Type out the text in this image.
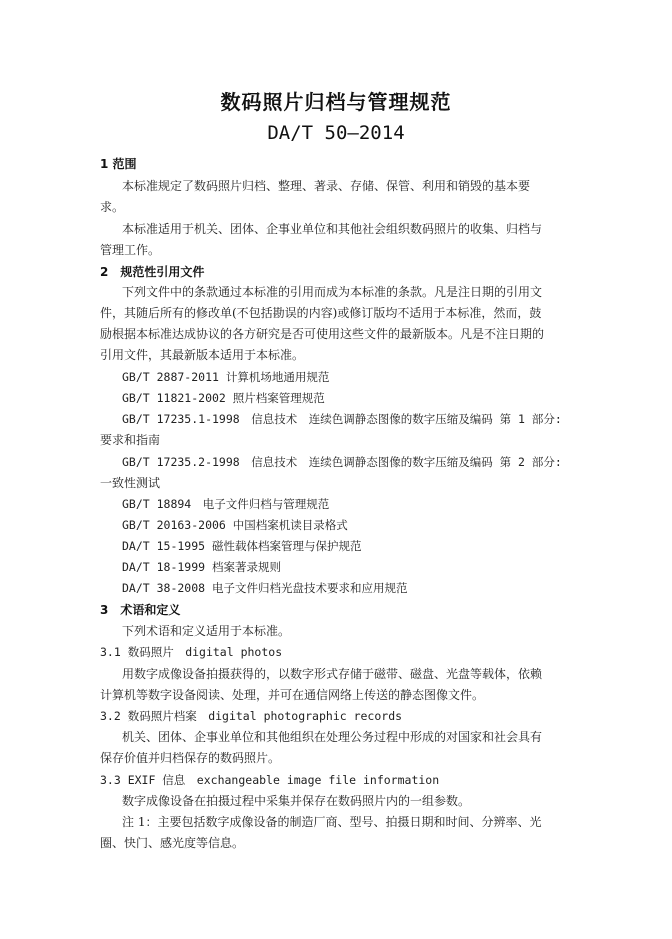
数码照片归档与管理规范
DA/T 50—2014
1 范围
本标准规定了数码照片归档、整理、著录、存储、保管、利用和销毁的基本要
求。
本标准适用于机关、团体、企事业单位和其他社会组织数码照片的收集、归档与
管理工作。
2　规范性引用文件
下列文件中的条款通过本标准的引用而成为本标准的条款。凡是注日期的引用文
件，其随后所有的修改单(不包括勘误的内容)或修订版均不适用于本标准，然而，鼓
励根据本标准达成协议的各方研究是否可使用这些文件的最新版本。凡是不注日期的
引用文件，其最新版本适用于本标准。
GB/T 2887-2011 计算机场地通用规范
GB/T 11821-2002 照片档案管理规范
GB/T 17235.1-1998　信息技术　连续色调静态图像的数字压缩及编码 第 1 部分:
要求和指南
GB/T 17235.2-1998　信息技术　连续色调静态图像的数字压缩及编码 第 2 部分:
一致性测试
GB/T 18894　电子文件归档与管理规范
GB/T 20163-2006 中国档案机读目录格式
DA/T 15-1995 磁性载体档案管理与保护规范
DA/T 18-1999 档案著录规则
DA/T 38-2008 电子文件归档光盘技术要求和应用规范
3　术语和定义
下列术语和定义适用于本标准。
3.1 数码照片　digital photos
用数字成像设备拍摄获得的，以数字形式存储于磁带、磁盘、光盘等载体，依赖
计算机等数字设备阅读、处理，并可在通信网络上传送的静态图像文件。
3.2 数码照片档案　digital photographic records
机关、团体、企事业单位和其他组织在处理公务过程中形成的对国家和社会具有
保存价值并归档保存的数码照片。
3.3 EXIF 信息　exchangeable image file information
数字成像设备在拍摄过程中采集并保存在数码照片内的一组参数。
注 1：主要包括数字成像设备的制造厂商、型号、拍摄日期和时间、分辨率、光
圈、快门、感光度等信息。
